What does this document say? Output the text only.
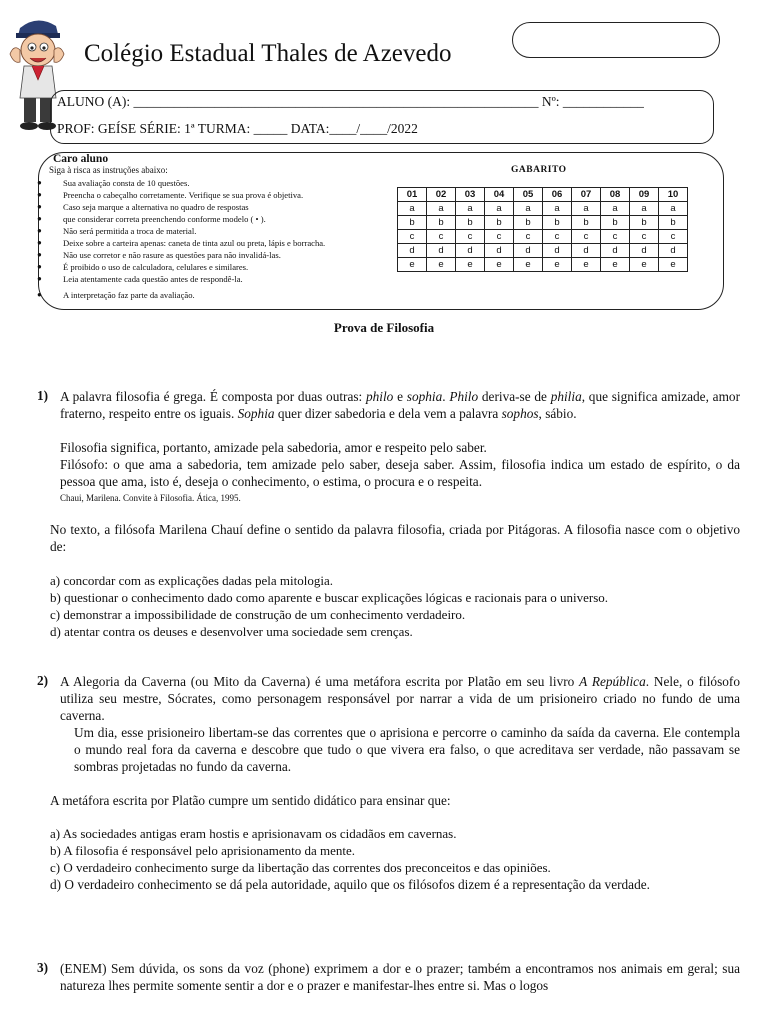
Colégio Estadual Thales de Azevedo
ALUNO (A): ____________________________________________________________ Nº: ____________
PROF: GEÍSE SÉRIE: 1ª TURMA: _____ DATA:____/____/2022
Caro aluno
Siga à risca as instruções abaixo:
● Sua avaliação consta de 10 questões.
● Preencha o cabeçalho corretamente. Verifique se sua prova é objetiva.
● Caso seja marque a alternativa no quadro de respostas
● que considerar correta preenchendo conforme modelo ( • ).
● Não será permitida a troca de material.
● Deixe sobre a carteira apenas: caneta de tinta azul ou preta, lápis e borracha.
● Não use corretor e não rasure as questões para não invalidá-las.
● É proibido o uso de calculadora, celulares e similares.
● Leia atentamente cada questão antes de respondê-la.
● A interpretação faz parte da avaliação.
GABARITO
01	02	03	04	05	06	07	08	09	10
a	a	a	a	a	a	a	a	a	a
b	b	b	b	b	b	b	b	b	b
c	c	c	c	c	c	c	c	c	c
d	d	d	d	d	d	d	d	d	d
e	e	e	e	e	e	e	e	e	e
Prova de Filosofia
1) A palavra filosofia é grega. É composta por duas outras: philo e sophia. Philo deriva-se de philia, que significa amizade, amor fraterno, respeito entre os iguais. Sophia quer dizer sabedoria e dela vem a palavra sophos, sábio.
Filosofia significa, portanto, amizade pela sabedoria, amor e respeito pelo saber.
Filósofo: o que ama a sabedoria, tem amizade pelo saber, deseja saber. Assim, filosofia indica um estado de espírito, o da pessoa que ama, isto é, deseja o conhecimento, o estima, o procura e o respeita.
Chaui, Marilena. Convite à Filosofia. Ática, 1995.
No texto, a filósofa Marilena Chauí define o sentido da palavra filosofia, criada por Pitágoras. A filosofia nasce com o objetivo de:
a) concordar com as explicações dadas pela mitologia.
b) questionar o conhecimento dado como aparente e buscar explicações lógicas e racionais para o universo.
c) demonstrar a impossibilidade de construção de um conhecimento verdadeiro.
d) atentar contra os deuses e desenvolver uma sociedade sem crenças.
2) A Alegoria da Caverna (ou Mito da Caverna) é uma metáfora escrita por Platão em seu livro A República. Nele, o filósofo utiliza seu mestre, Sócrates, como personagem responsável por narrar a vida de um prisioneiro criado no fundo de uma caverna.
Um dia, esse prisioneiro libertam-se das correntes que o aprisiona e percorre o caminho da saída da caverna. Ele contempla o mundo real fora da caverna e descobre que tudo o que vivera era falso, o que acreditava ser verdade, não passavam se sombras projetadas no fundo da caverna.
A metáfora escrita por Platão cumpre um sentido didático para ensinar que:
a) As sociedades antigas eram hostis e aprisionavam os cidadãos em cavernas.
b) A filosofia é responsável pelo aprisionamento da mente.
c) O verdadeiro conhecimento surge da libertação das correntes dos preconceitos e das opiniões.
d) O verdadeiro conhecimento se dá pela autoridade, aquilo que os filósofos dizem é a representação da verdade.
3) (ENEM) Sem dúvida, os sons da voz (phone) exprimem a dor e o prazer; também a encontramos nos animais em geral; sua natureza lhes permite somente sentir a dor e o prazer e manifestar-lhes entre si. Mas o logos
